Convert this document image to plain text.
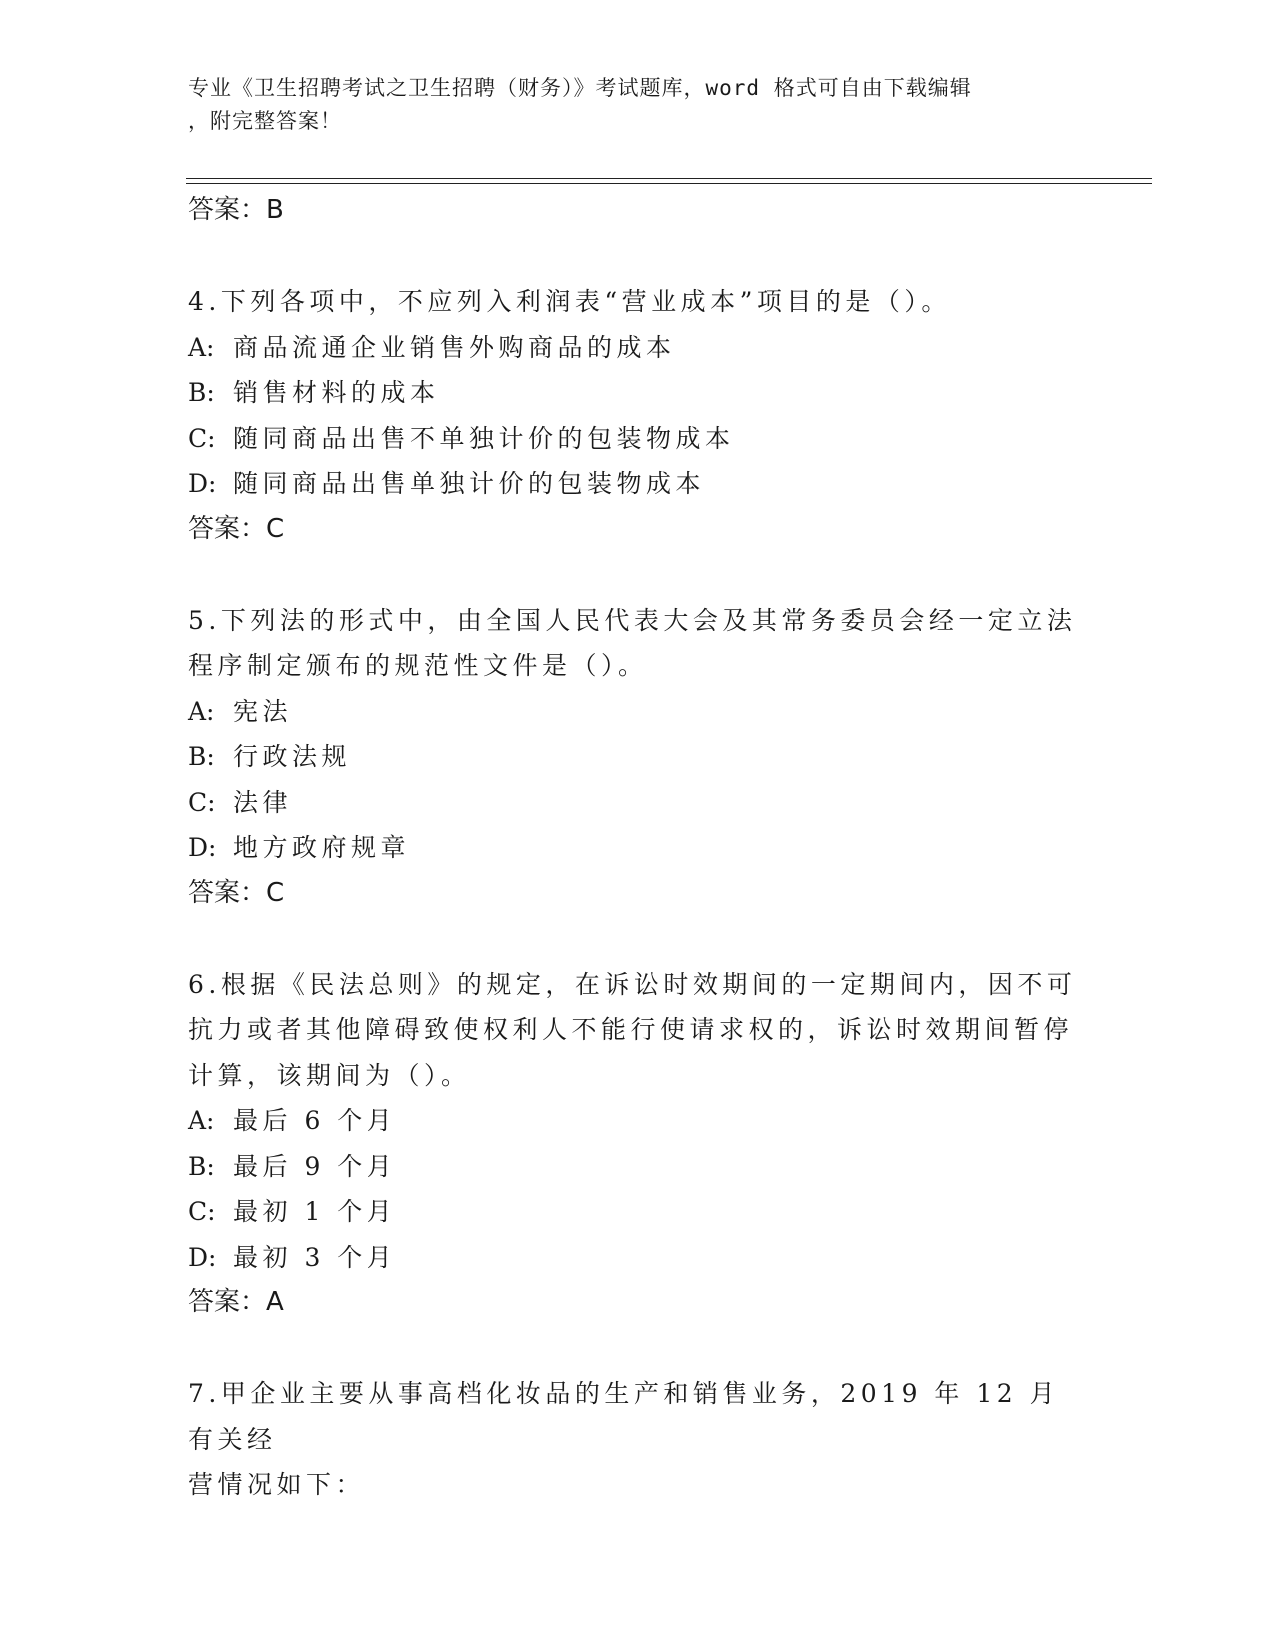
专业《卫生招聘考试之卫生招聘（财务）》考试题库，word 格式可自由下载编辑
，附完整答案！

答案：B

4.下列各项中，不应列入利润表“营业成本”项目的是（）。

A: 商品流通企业销售外购商品的成本

B: 销售材料的成本

C: 随同商品出售不单独计价的包装物成本

D: 随同商品出售单独计价的包装物成本

答案：C

5.下列法的形式中，由全国人民代表大会及其常务委员会经一定立法

程序制定颁布的规范性文件是（）。

A: 宪法

B: 行政法规

C: 法律

D: 地方政府规章

答案：C

6.根据《民法总则》的规定，在诉讼时效期间的一定期间内，因不可

抗力或者其他障碍致使权利人不能行使请求权的，诉讼时效期间暂停

计算，该期间为（）。

A: 最后 6 个月

B: 最后 9 个月

C: 最初 1 个月

D: 最初 3 个月

答案：A

7.甲企业主要从事高档化妆品的生产和销售业务，2019 年 12 月有关经

营情况如下：
